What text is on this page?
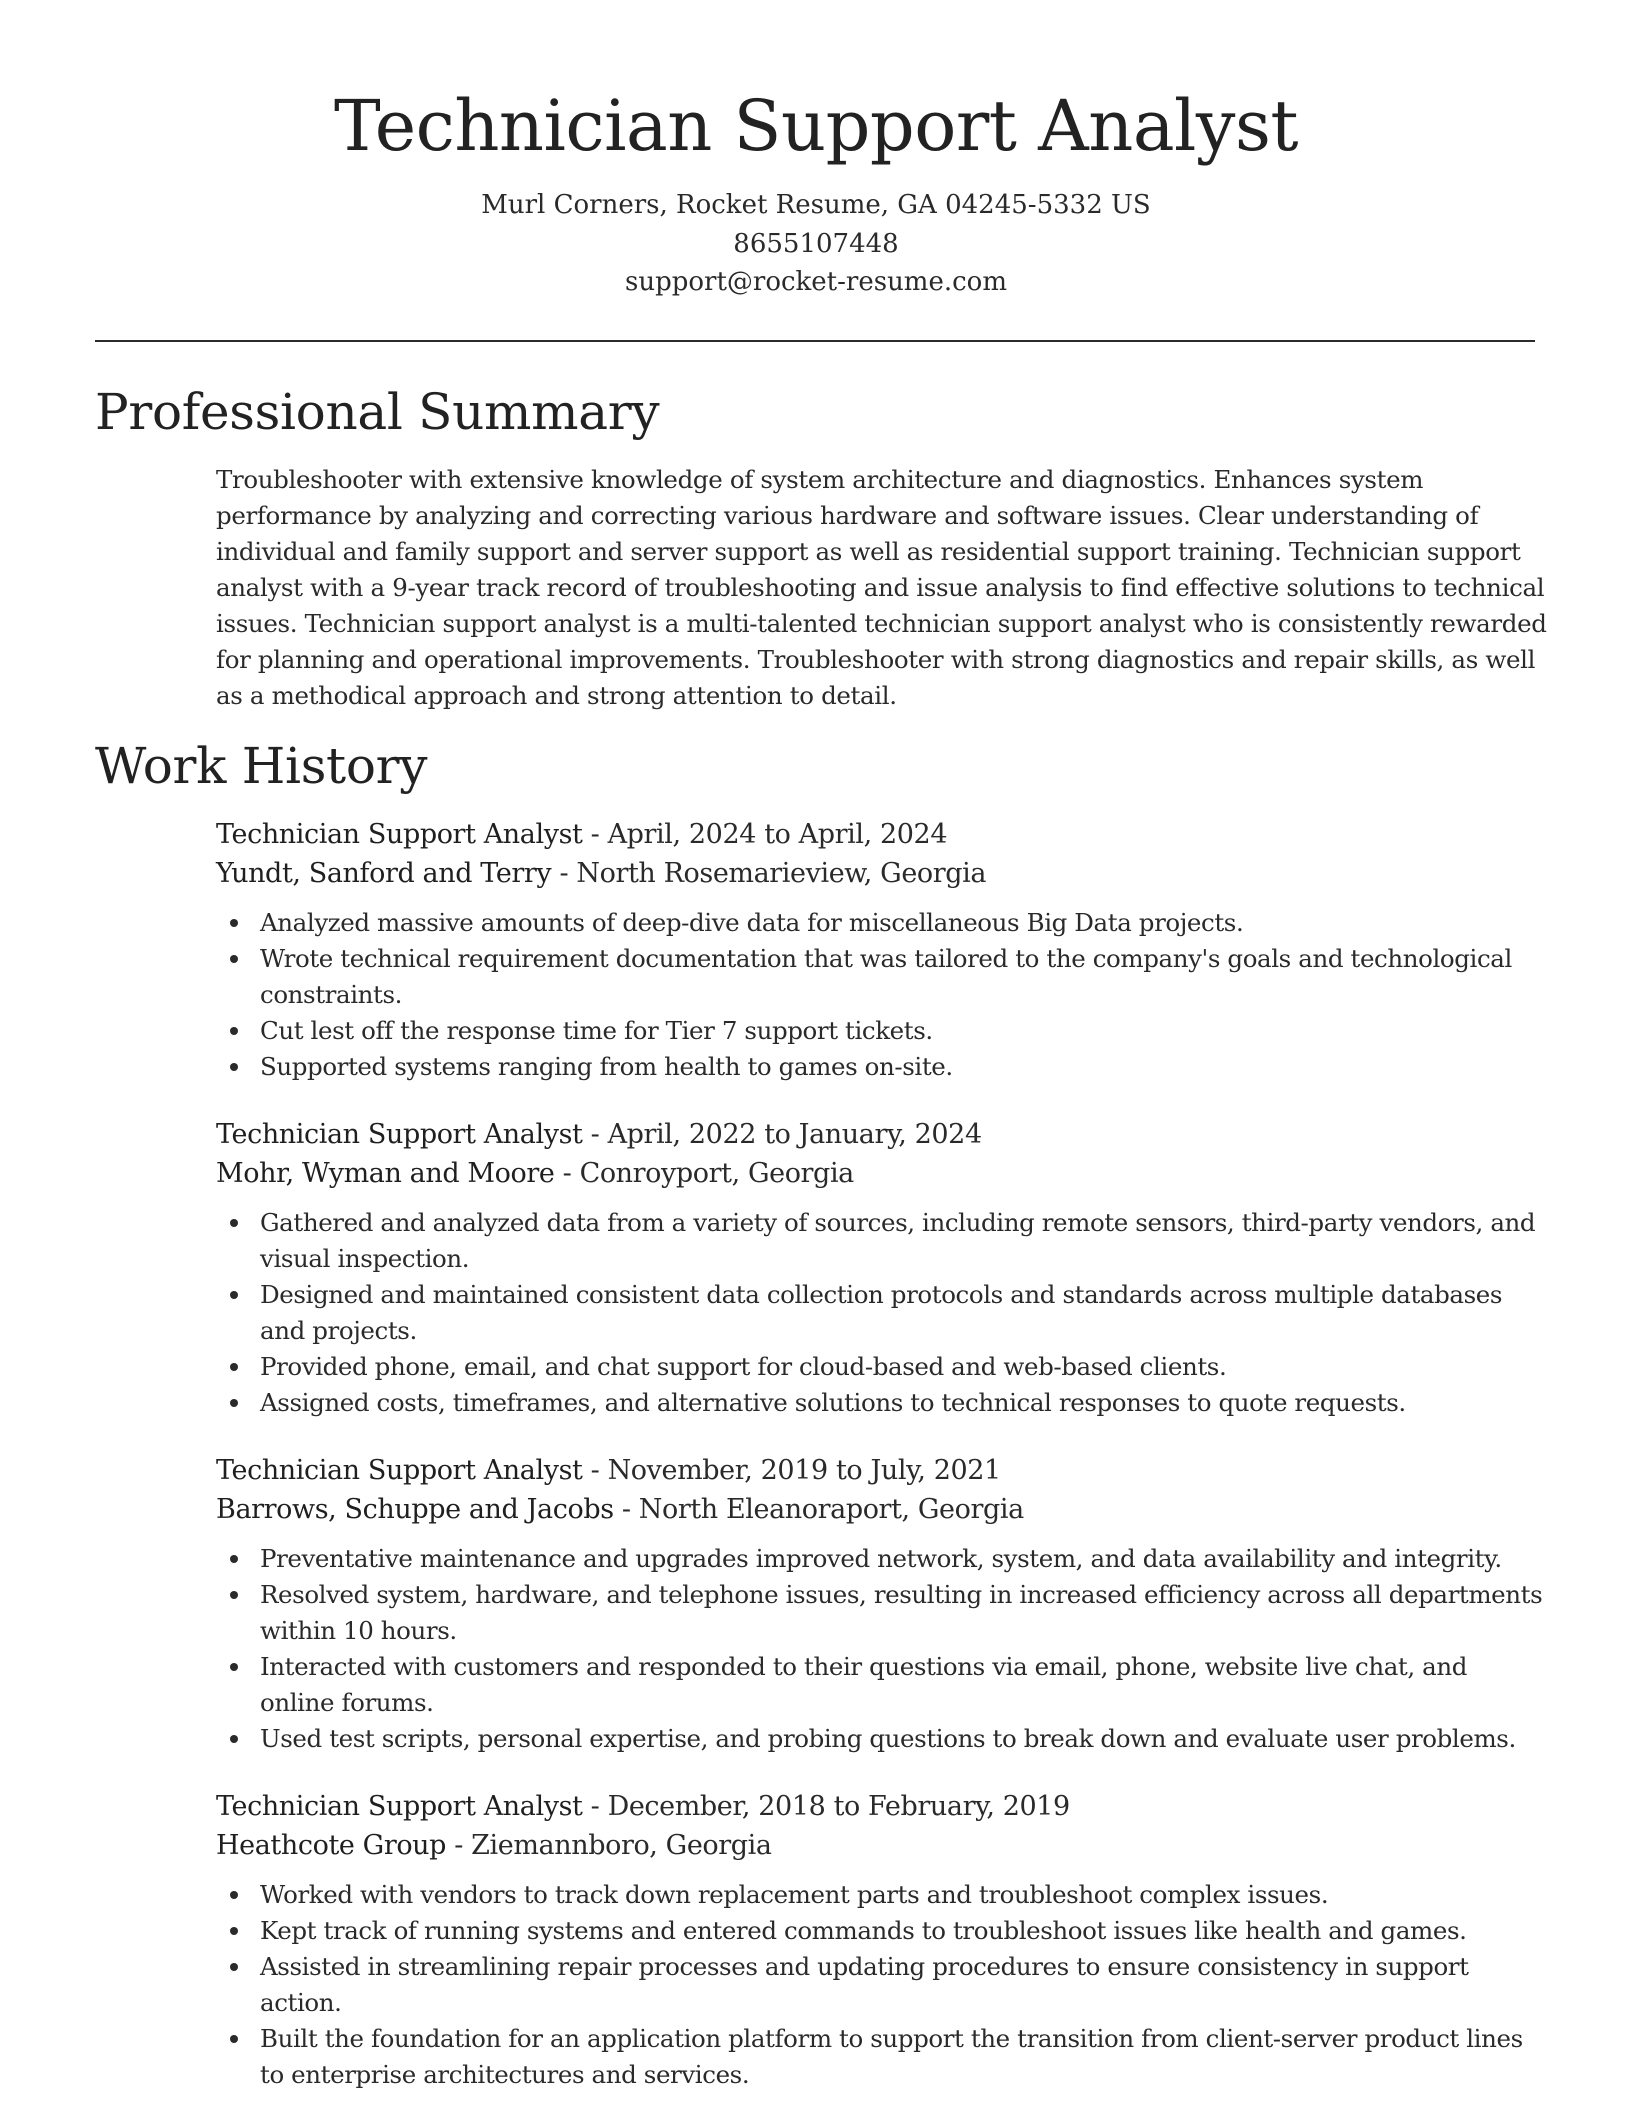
Technician Support Analyst
Murl Corners, Rocket Resume, GA 04245-5332 US
8655107448
support@rocket-resume.com
Professional Summary

Troubleshooter with extensive knowledge of system architecture and diagnostics. Enhances system performance by analyzing and correcting various hardware and software issues. Clear understanding of individual and family support and server support as well as residential support training. Technician support analyst with a 9-year track record of troubleshooting and issue analysis to find effective solutions to technical issues. Technician support analyst is a multi-talented technician support analyst who is consistently rewarded for planning and operational improvements. Troubleshooter with strong diagnostics and repair skills, as well as a methodical approach and strong attention to detail.

Work History
Technician Support Analyst - April, 2024 to April, 2024
Yundt, Sanford and Terry - North Rosemarieview, Georgia
Analyzed massive amounts of deep-dive data for miscellaneous Big Data projects.
Wrote technical requirement documentation that was tailored to the company's goals and technological constraints.
Cut lest off the response time for Tier 7 support tickets.
Supported systems ranging from health to games on-site.
Technician Support Analyst - April, 2022 to January, 2024
Mohr, Wyman and Moore - Conroyport, Georgia
Gathered and analyzed data from a variety of sources, including remote sensors, third-party vendors, and visual inspection.
Designed and maintained consistent data collection protocols and standards across multiple databases and projects.
Provided phone, email, and chat support for cloud-based and web-based clients.
Assigned costs, timeframes, and alternative solutions to technical responses to quote requests.
Technician Support Analyst - November, 2019 to July, 2021
Barrows, Schuppe and Jacobs - North Eleanoraport, Georgia
Preventative maintenance and upgrades improved network, system, and data availability and integrity.
Resolved system, hardware, and telephone issues, resulting in increased efficiency across all departments within 10 hours.
Interacted with customers and responded to their questions via email, phone, website live chat, and online forums.
Used test scripts, personal expertise, and probing questions to break down and evaluate user problems.
Technician Support Analyst - December, 2018 to February, 2019
Heathcote Group - Ziemannboro, Georgia
Worked with vendors to track down replacement parts and troubleshoot complex issues.
Kept track of running systems and entered commands to troubleshoot issues like health and games.
Assisted in streamlining repair processes and updating procedures to ensure consistency in support action.
Built the foundation for an application platform to support the transition from client-server product lines to enterprise architectures and services.
